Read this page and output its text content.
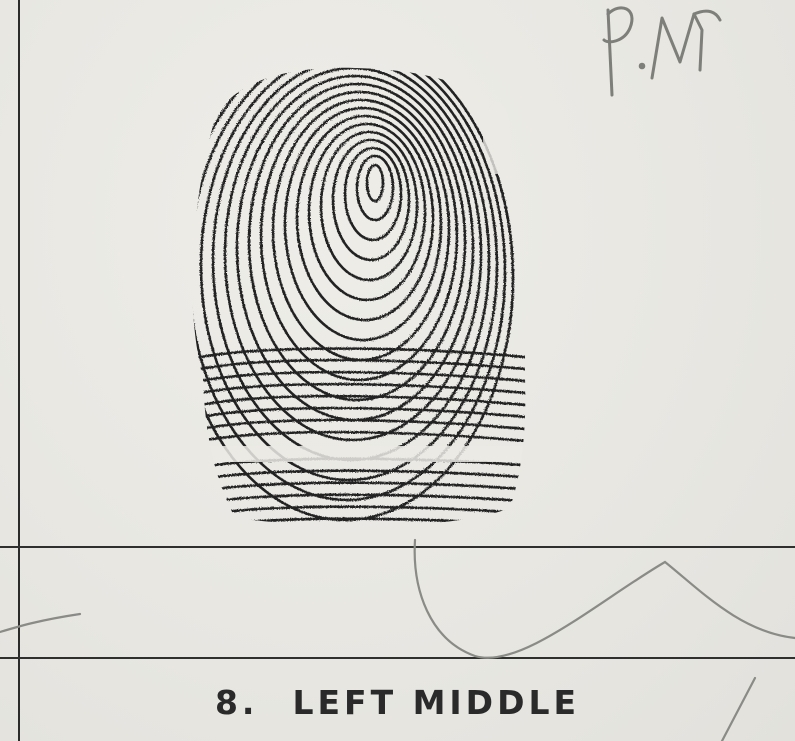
8. LEFT MIDDLE
